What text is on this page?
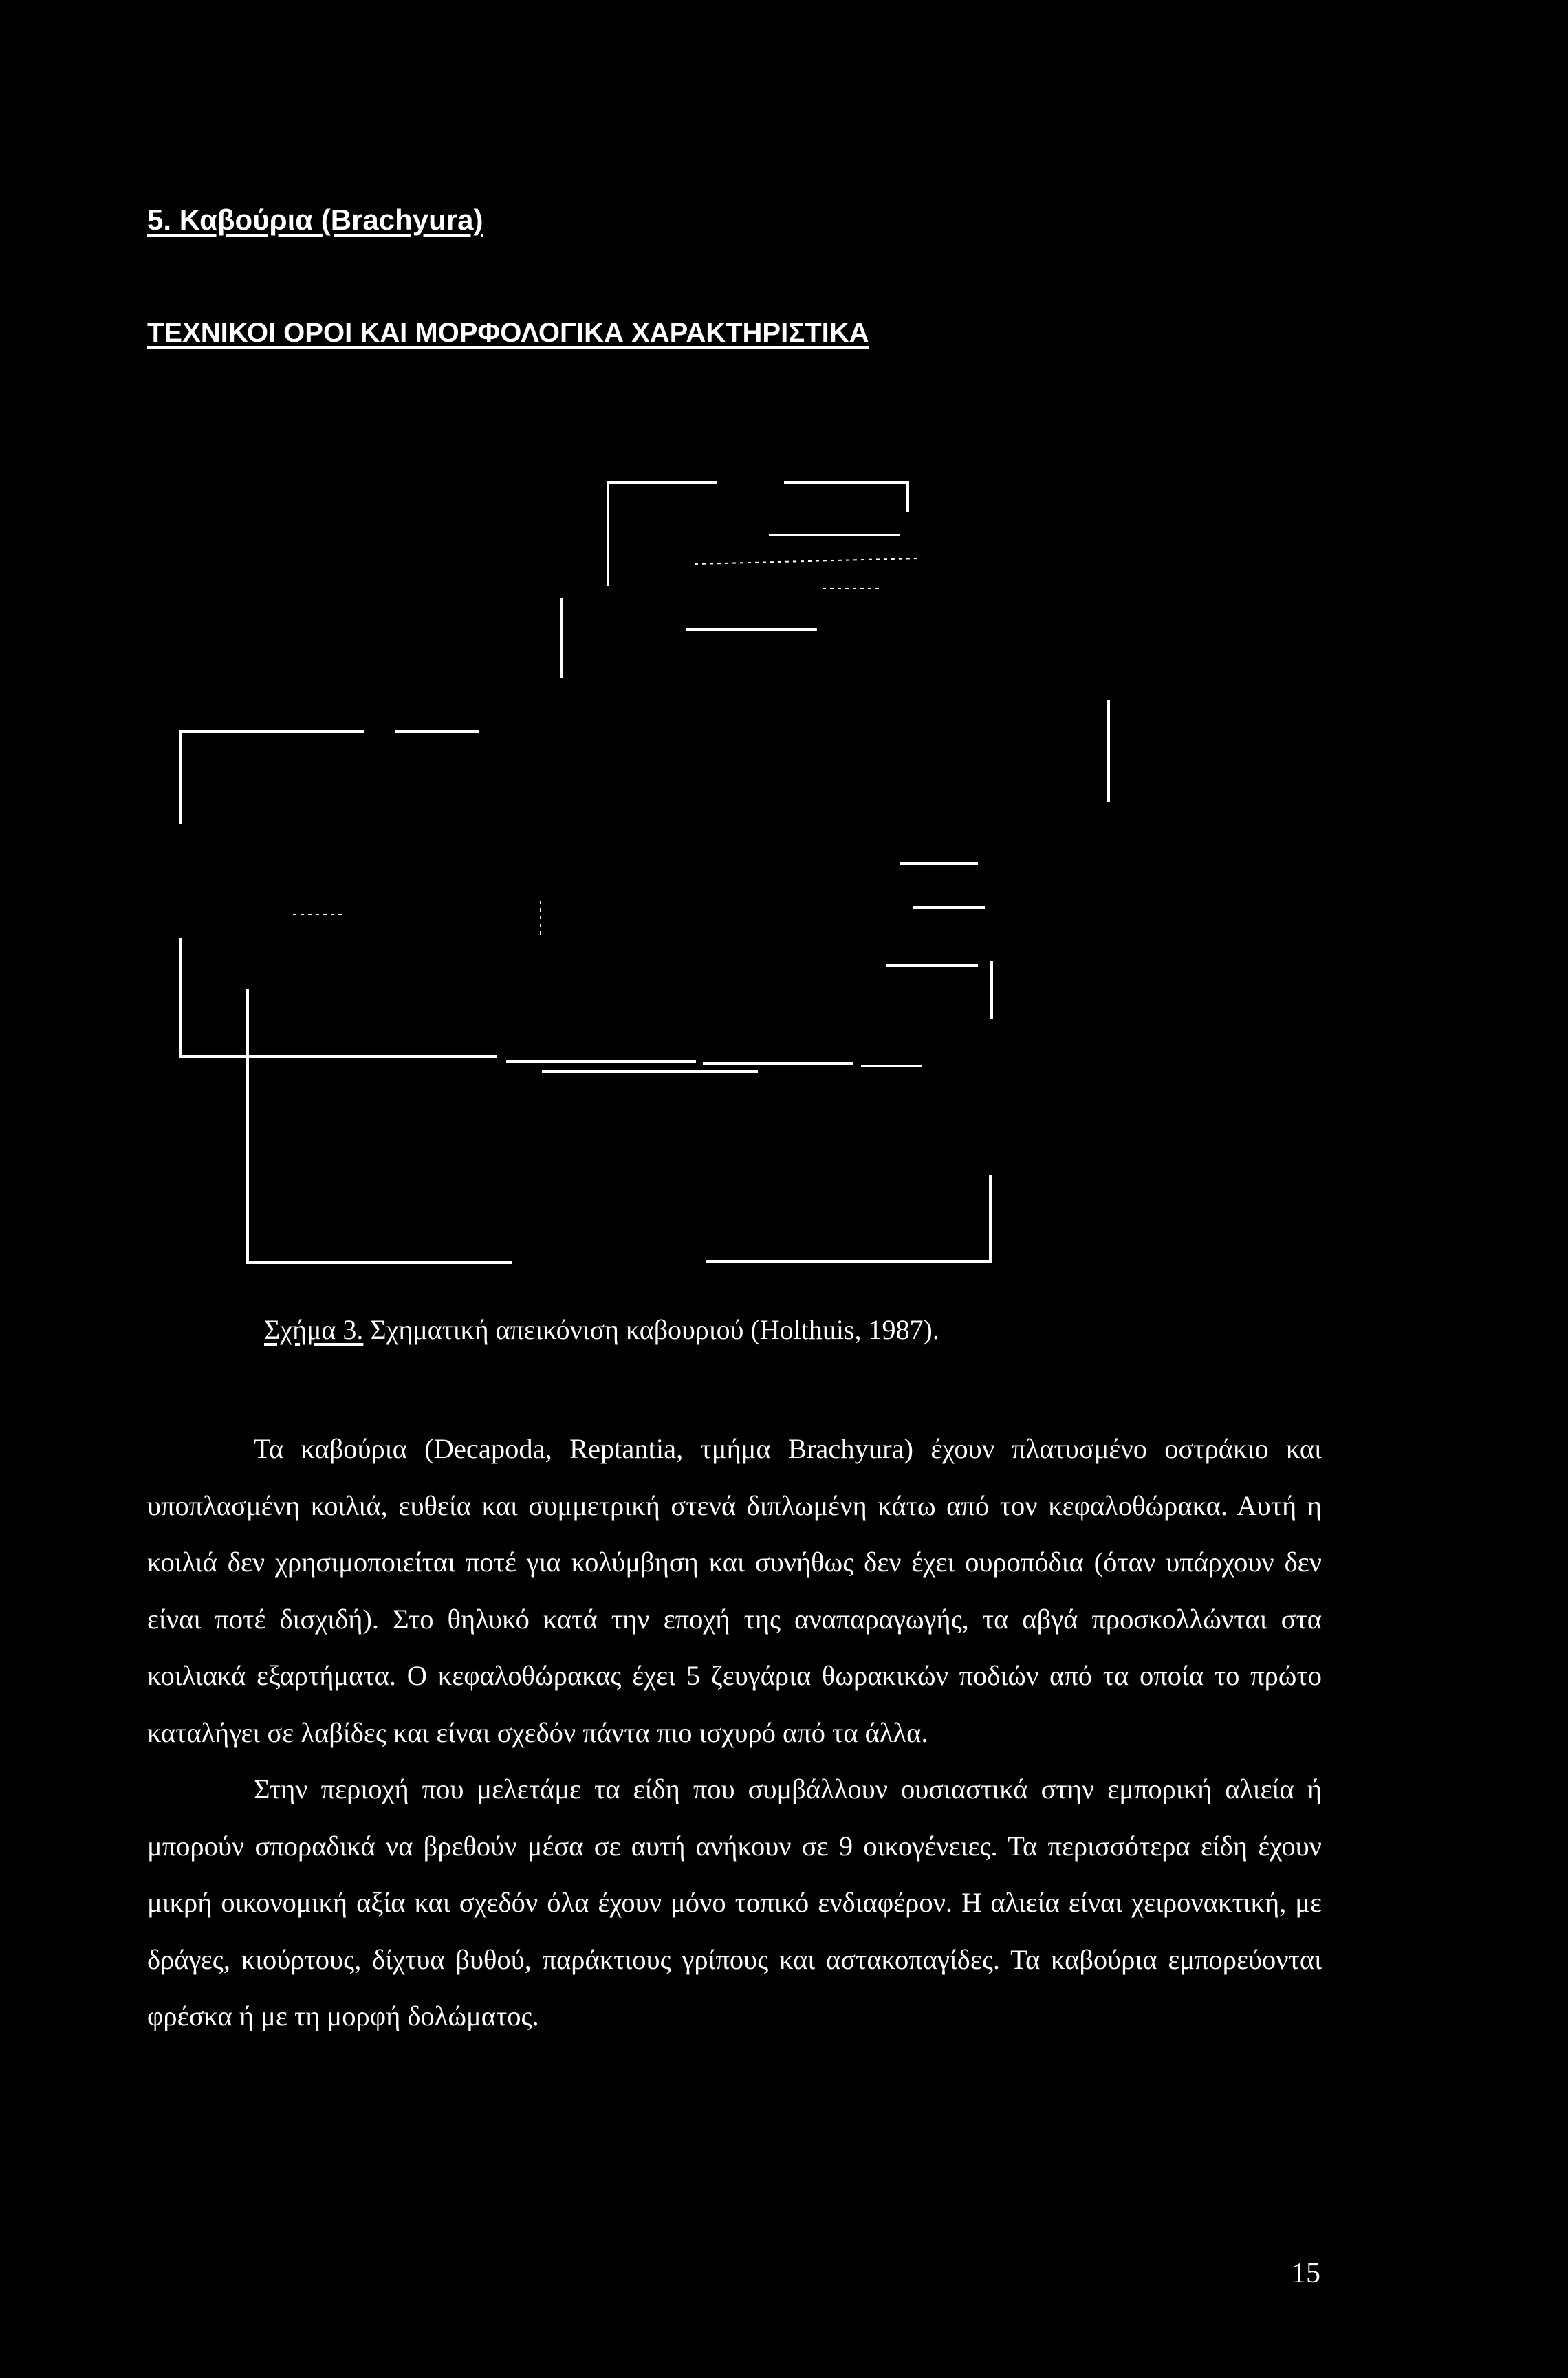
5. Καβούρια (Brachyura)
ΤΕΧΝΙΚΟΙ ΟΡΟΙ ΚΑΙ ΜΟΡΦΟΛΟΓΙΚΑ ΧΑΡΑΚΤΗΡΙΣΤΙΚΑ

Σχήμα 3. Σχηματική απεικόνιση καβουριού (Holthuis, 1987).

Τα καβούρια (Decapoda, Reptantia, τμήμα Brachyura) έχουν πλατυσμένο οστράκιο και υποπλασμένη κοιλιά, ευθεία και συμμετρική στενά διπλωμένη κάτω από τον κεφαλοθώρακα. Αυτή η κοιλιά δεν χρησιμοποιείται ποτέ για κολύμβηση και συνήθως δεν έχει ουροπόδια (όταν υπάρχουν δεν είναι ποτέ δισχιδή). Στο θηλυκό κατά την εποχή της αναπαραγωγής, τα αβγά προσκολλώνται στα κοιλιακά εξαρτήματα. Ο κεφαλοθώρακας έχει 5 ζευγάρια θωρακικών ποδιών από τα οποία το πρώτο καταλήγει σε λαβίδες και είναι σχεδόν πάντα πιο ισχυρό από τα άλλα.

Στην περιοχή που μελετάμε τα είδη που συμβάλλουν ουσιαστικά στην εμπορική αλιεία ή μπορούν σποραδικά να βρεθούν μέσα σε αυτή ανήκουν σε 9 οικογένειες. Τα περισσότερα είδη έχουν μικρή οικονομική αξία και σχεδόν όλα έχουν μόνο τοπικό ενδιαφέρον. Η αλιεία είναι χειρονακτική, με δράγες, κιούρτους, δίχτυα βυθού, παράκτιους γρίπους και αστακοπαγίδες. Τα καβούρια εμπορεύονται φρέσκα ή με τη μορφή δολώματος.

15
